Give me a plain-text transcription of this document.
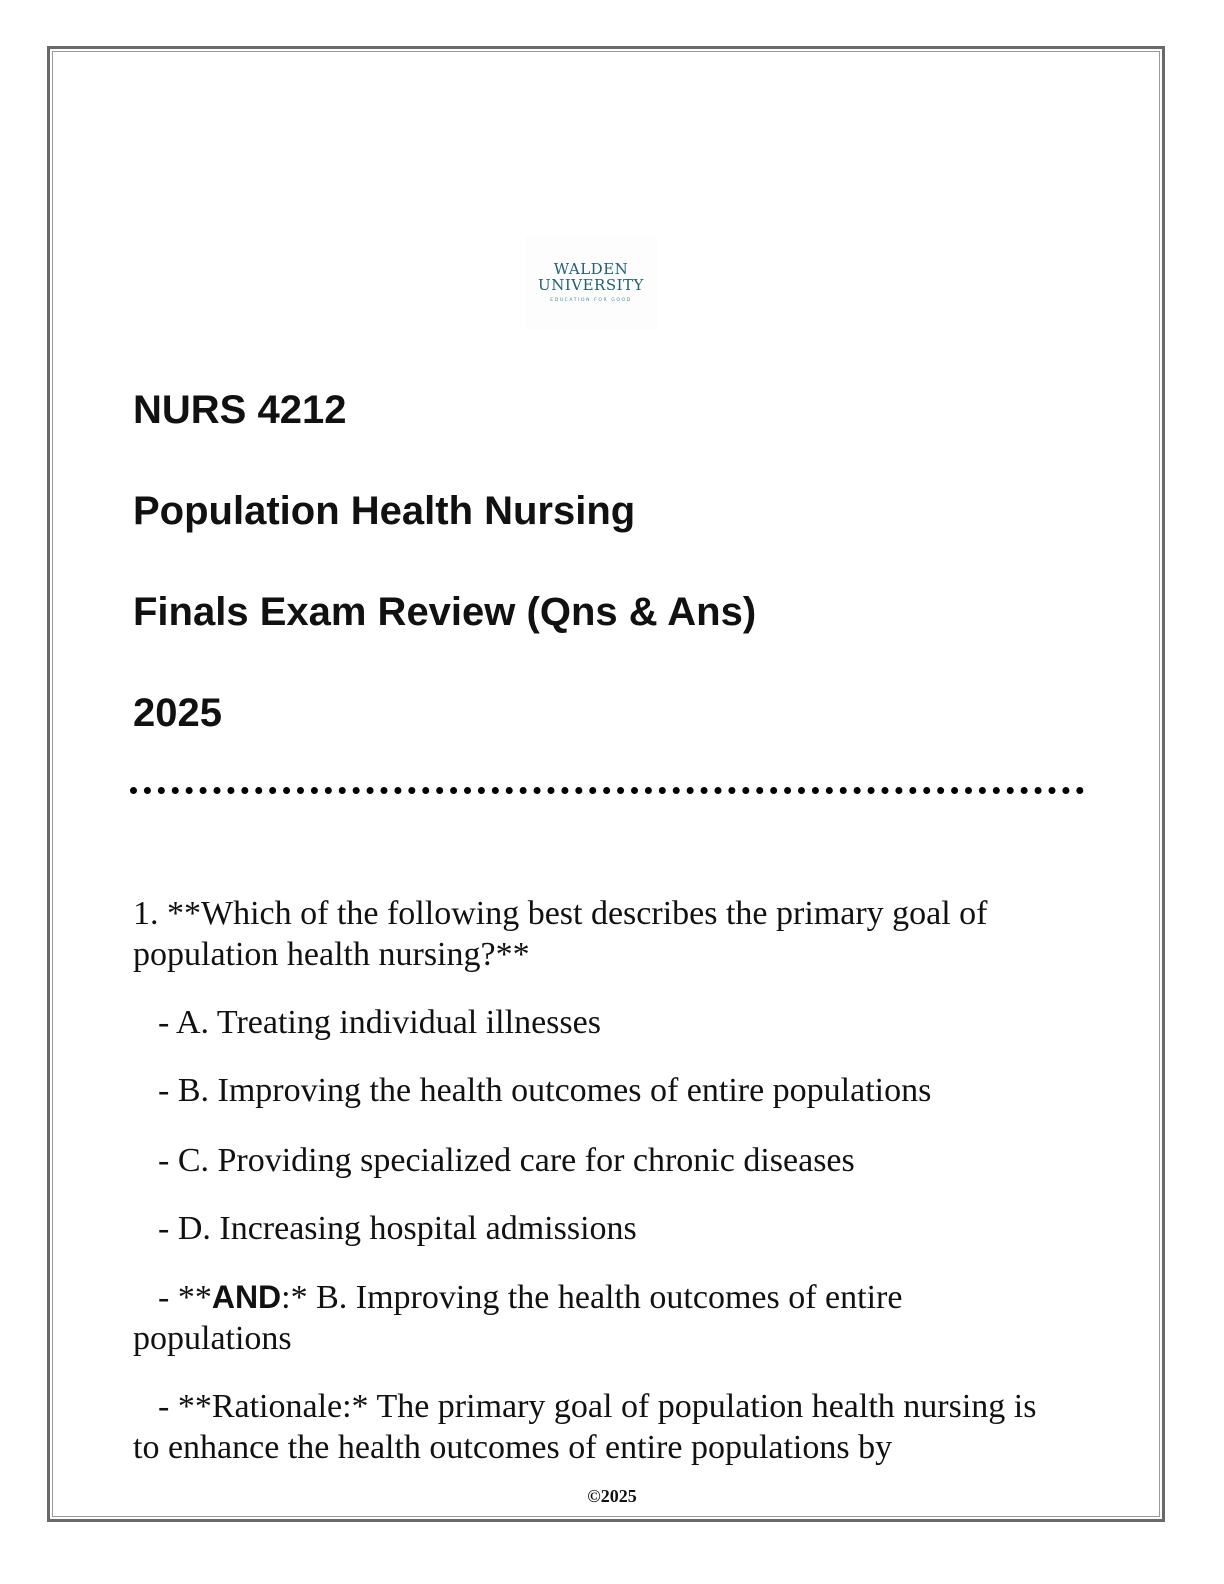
WALDEN
UNIVERSITY
EDUCATION FOR GOOD
NURS 4212
Population Health Nursing
Finals Exam Review (Qns & Ans)
2025
1. **Which of the following best describes the primary goal of population health nursing?**
- A. Treating individual illnesses
- B. Improving the health outcomes of entire populations
- C. Providing specialized care for chronic diseases
- D. Increasing hospital admissions
- **AND:* B. Improving the health outcomes of entire populations
- **Rationale:* The primary goal of population health nursing is to enhance the health outcomes of entire populations by
©2025
